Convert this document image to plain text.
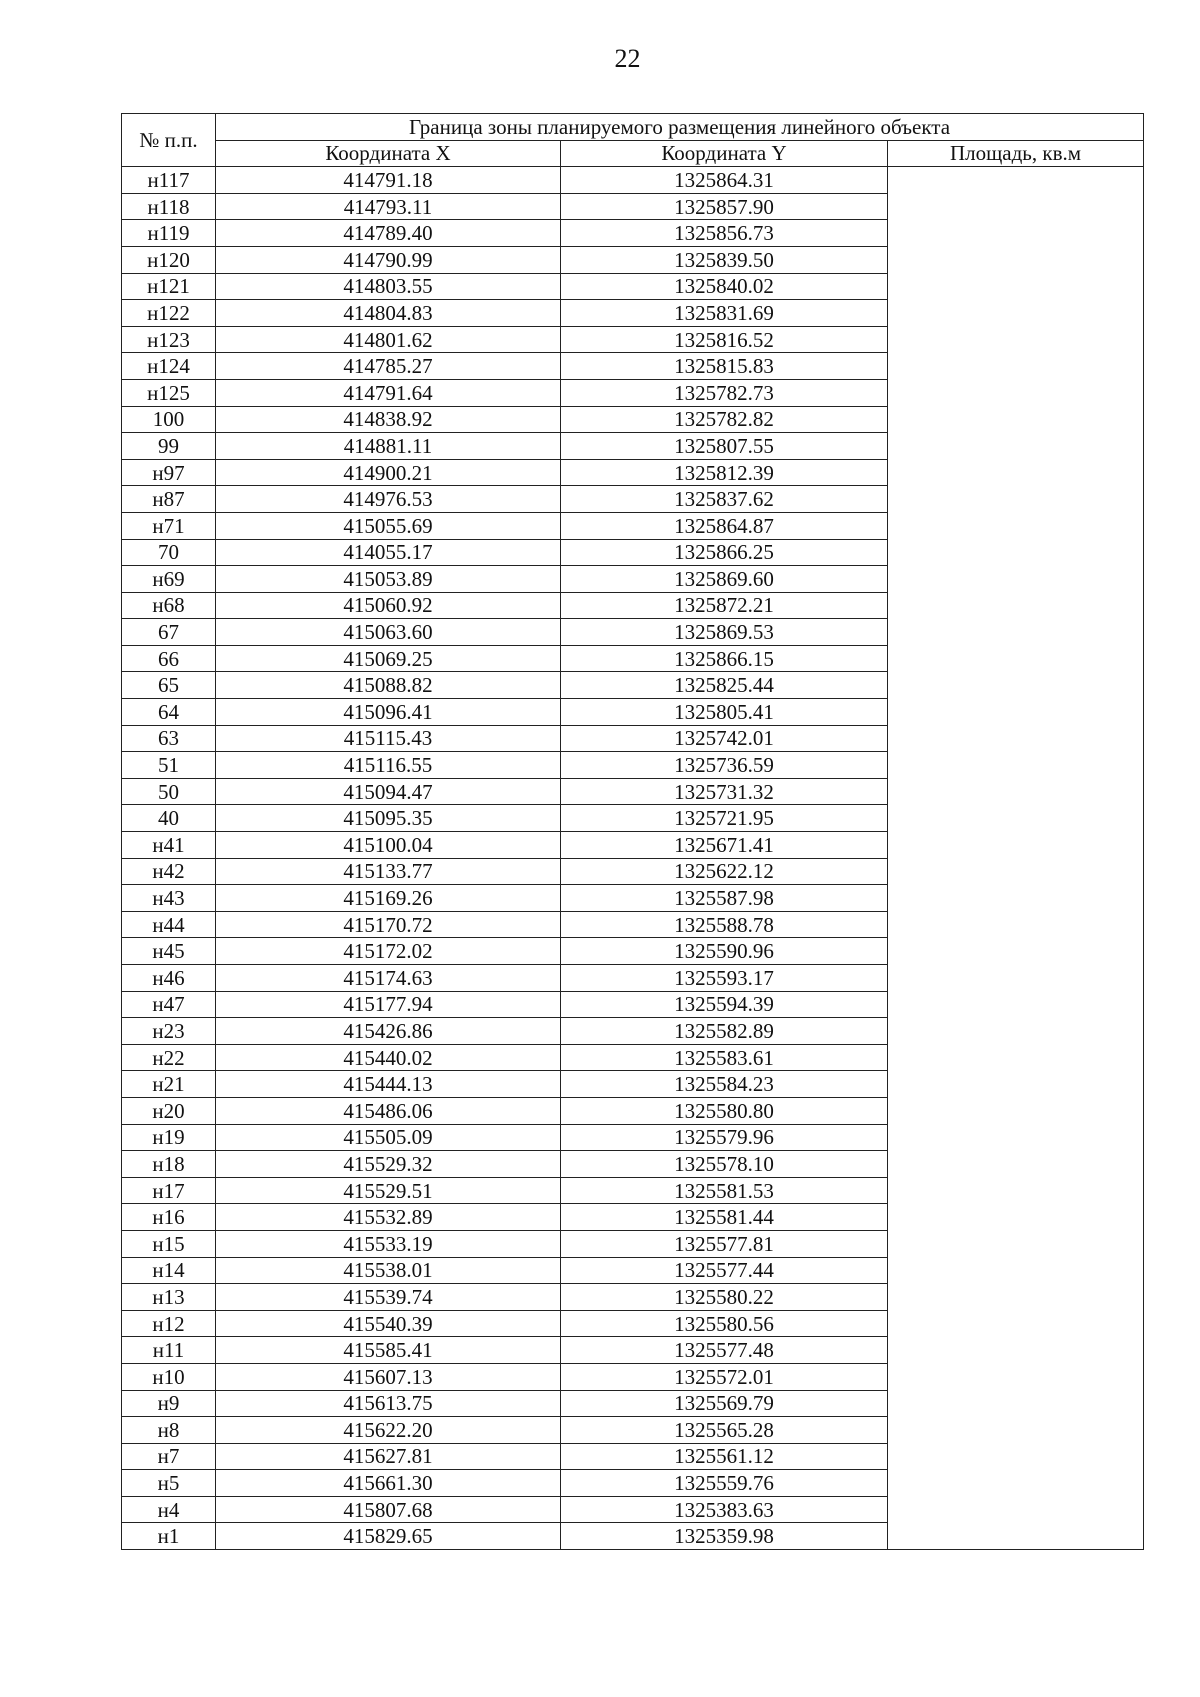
22
№ п.п.	Граница зоны планируемого размещения линейного объекта		
	Координата X	Координата Y	Площадь, кв.м
н117	414791.18	1325864.31	
н118	414793.11	1325857.90	
н119	414789.40	1325856.73	
н120	414790.99	1325839.50	
н121	414803.55	1325840.02	
н122	414804.83	1325831.69	
н123	414801.62	1325816.52	
н124	414785.27	1325815.83	
н125	414791.64	1325782.73	
100	414838.92	1325782.82	
99	414881.11	1325807.55	
н97	414900.21	1325812.39	
н87	414976.53	1325837.62	
н71	415055.69	1325864.87	
70	414055.17	1325866.25	
н69	415053.89	1325869.60	
н68	415060.92	1325872.21	
67	415063.60	1325869.53	
66	415069.25	1325866.15	
65	415088.82	1325825.44	
64	415096.41	1325805.41	
63	415115.43	1325742.01	
51	415116.55	1325736.59	
50	415094.47	1325731.32	
40	415095.35	1325721.95	
н41	415100.04	1325671.41	
н42	415133.77	1325622.12	
н43	415169.26	1325587.98	
н44	415170.72	1325588.78	
н45	415172.02	1325590.96	
н46	415174.63	1325593.17	
н47	415177.94	1325594.39	
н23	415426.86	1325582.89	
н22	415440.02	1325583.61	
н21	415444.13	1325584.23	
н20	415486.06	1325580.80	
н19	415505.09	1325579.96	
н18	415529.32	1325578.10	
н17	415529.51	1325581.53	
н16	415532.89	1325581.44	
н15	415533.19	1325577.81	
н14	415538.01	1325577.44	
н13	415539.74	1325580.22	
н12	415540.39	1325580.56	
н11	415585.41	1325577.48	
н10	415607.13	1325572.01	
н9	415613.75	1325569.79	
н8	415622.20	1325565.28	
н7	415627.81	1325561.12	
н5	415661.30	1325559.76	
н4	415807.68	1325383.63	
н1	415829.65	1325359.98	
